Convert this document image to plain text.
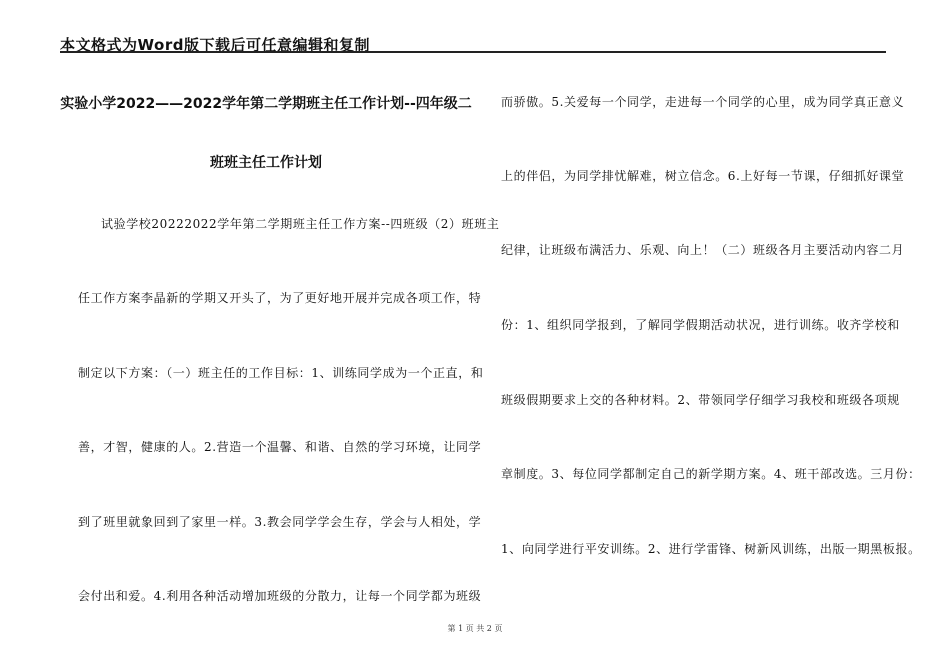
本文格式为Word版下载后可任意编辑和复制
实验小学2022——2022学年第二学期班主任工作计划--四年级二
班班主任工作计划
试验学校20222022学年第二学期班主任工作方案--四班级（2）班班主
任工作方案李晶新的学期又开头了，为了更好地开展并完成各项工作，特
制定以下方案：（一）班主任的工作目标：1、训练同学成为一个正直，和
善，才智，健康的人。2.营造一个温馨、和谐、自然的学习环境，让同学
到了班里就象回到了家里一样。3.教会同学学会生存，学会与人相处，学
会付出和爱。4.利用各种活动增加班级的分散力，让每一个同学都为班级
而骄傲。5.关爱每一个同学，走进每一个同学的心里，成为同学真正意义
上的伴侣，为同学排忧解难，树立信念。6.上好每一节课，仔细抓好课堂
纪律，让班级布满活力、乐观、向上！（二）班级各月主要活动内容二月
份：1、组织同学报到，了解同学假期活动状况，进行训练。收齐学校和
班级假期要求上交的各种材料。2、带领同学仔细学习我校和班级各项规
章制度。3、每位同学都制定自己的新学期方案。4、班干部改选。三月份：
1、向同学进行平安训练。2、进行学雷锋、树新风训练，出版一期黑板报。
第 1 页 共 2 页
